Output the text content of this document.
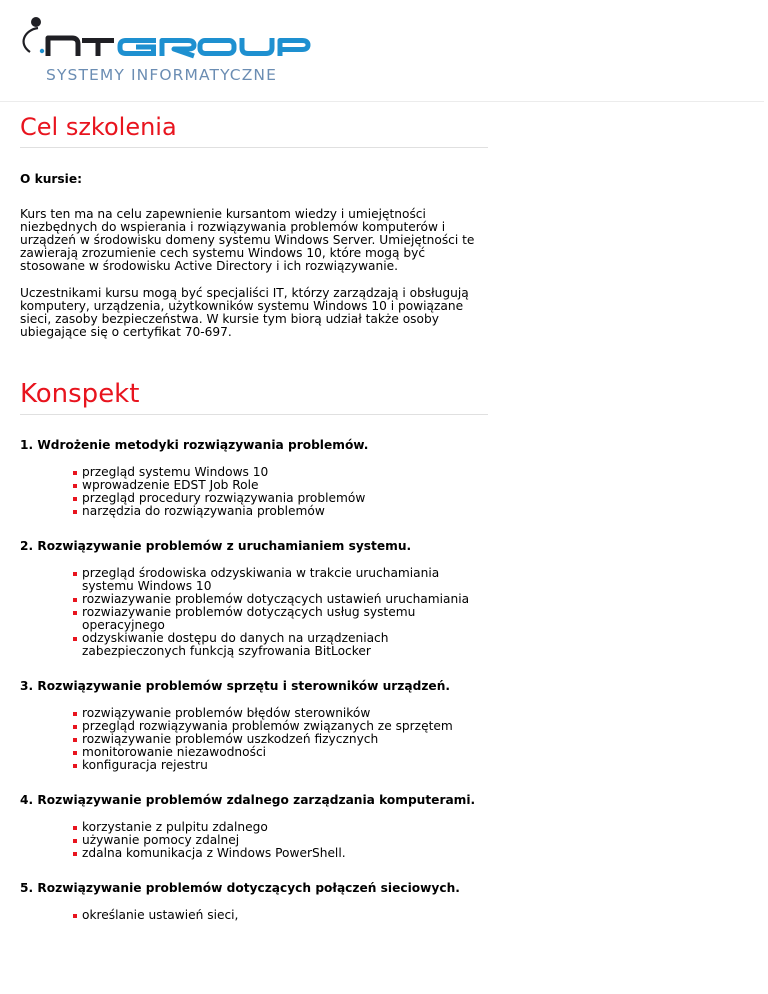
SYSTEMY INFORMATYCZNE
Cel szkolenia

O kursie:

Kurs ten ma na celu zapewnienie kursantom wiedzy i umiejętności niezbędnych do wspierania i rozwiązywania problemów komputerów i urządzeń w środowisku domeny systemu Windows Server. Umiejętności te zawierają zrozumienie cech systemu Windows 10, które mogą być stosowane w środowisku Active Directory i ich rozwiązywanie.

Uczestnikami kursu mogą być specjaliści IT, którzy zarządzają i obsługują komputery, urządzenia, użytkowników systemu Windows 10 i powiązane sieci, zasoby bezpieczeństwa. W kursie tym biorą udział także osoby ubiegające się o certyfikat 70-697.

Konspekt

1. Wdrożenie metodyki rozwiązywania problemów.

przegląd systemu Windows 10
wprowadzenie EDST Job Role
przegląd procedury rozwiązywania problemów
narzędzia do rozwiązywania problemów

2. Rozwiązywanie problemów z uruchamianiem systemu.

przegląd środowiska odzyskiwania w trakcie uruchamiania systemu Windows 10
rozwiazywanie problemów dotyczących ustawień uruchamiania
rozwiazywanie problemów dotyczących usług systemu operacyjnego
odzyskiwanie dostępu do danych na urządzeniach zabezpieczonych funkcją szyfrowania BitLocker

3. Rozwiązywanie problemów sprzętu i sterowników urządzeń.

rozwiązywanie problemów błędów sterowników
przegląd rozwiązywania problemów związanych ze sprzętem
rozwiązywanie problemów uszkodzeń fizycznych
monitorowanie niezawodności
konfiguracja rejestru

4. Rozwiązywanie problemów zdalnego zarządzania komputerami.

korzystanie z pulpitu zdalnego
używanie pomocy zdalnej
zdalna komunikacja z Windows PowerShell.

5. Rozwiązywanie problemów dotyczących połączeń sieciowych.

określanie ustawień sieci,
